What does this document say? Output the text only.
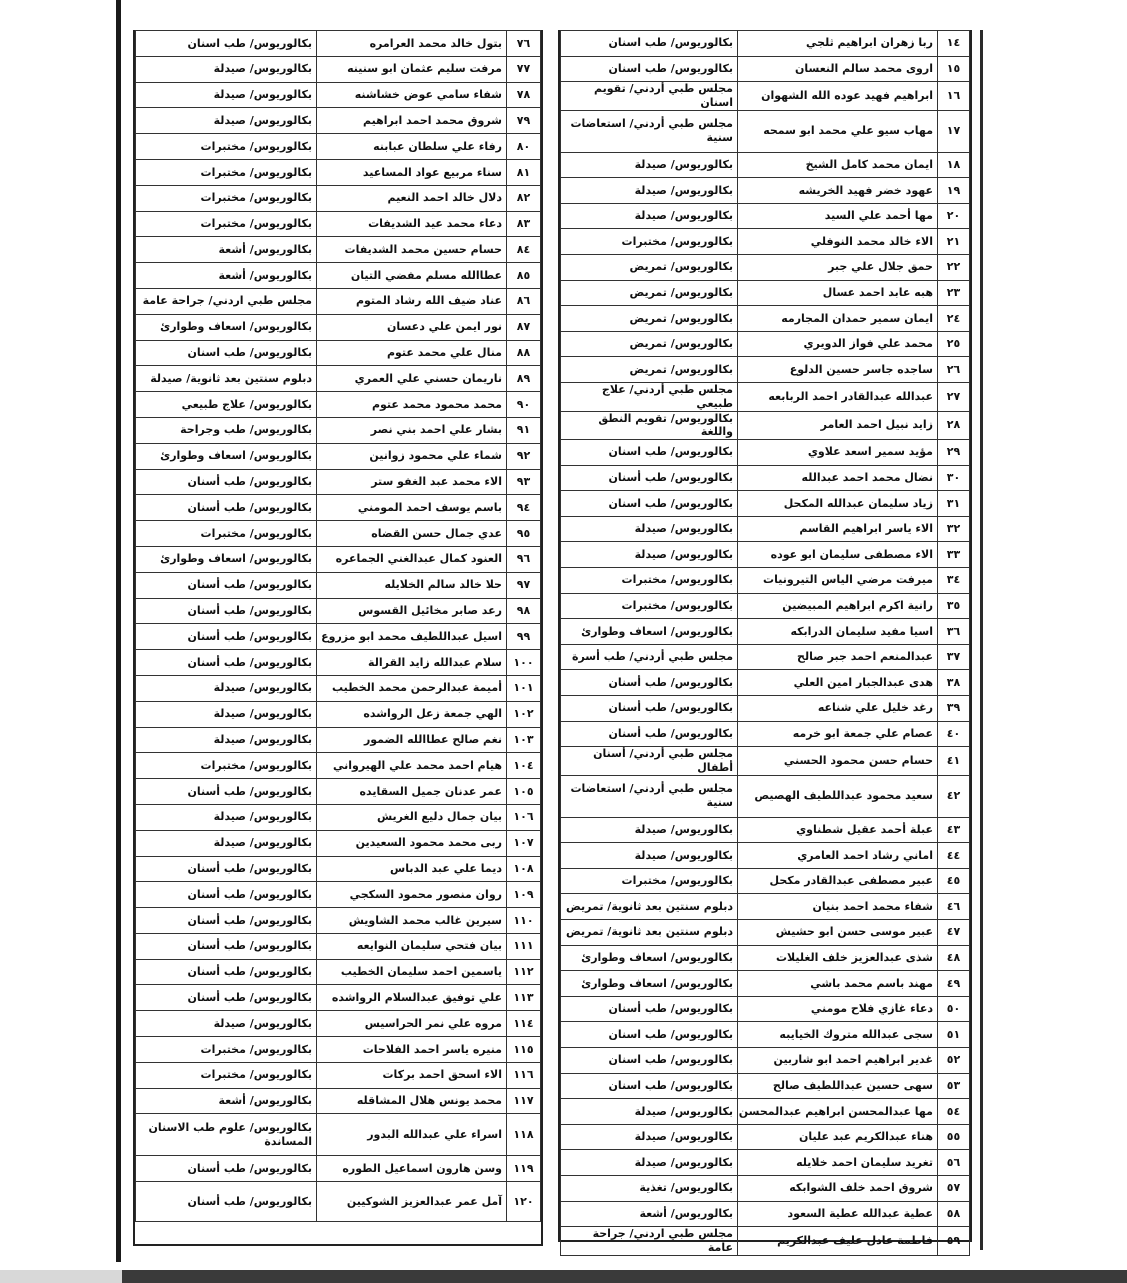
٧٦	بتول خالد محمد العرامره	بكالوريوس/ طب اسنان
٧٧	مرفت سليم عثمان ابو سنينه	بكالوريوس/ صيدلة
٧٨	شفاء سامي عوض خشاشنه	بكالوريوس/ صيدلة
٧٩	شروق محمد احمد ابراهيم	بكالوريوس/ صيدلة
٨٠	رفاء علي سلطان عبابنه	بكالوريوس/ مختبرات
٨١	سناء مربيع عواد المساعيد	بكالوريوس/ مختبرات
٨٢	دلال خالد احمد النعيم	بكالوريوس/ مختبرات
٨٣	دعاء محمد عيد الشديفات	بكالوريوس/ مختبرات
٨٤	حسام حسين محمد الشديفات	بكالوريوس/ أشعة
٨٥	عطاالله مسلم مفضي التيان	بكالوريوس/ أشعة
٨٦	عناد ضيف الله رشاد المتوم	مجلس طبي اردني/ جراحة عامة
٨٧	نور ايمن علي دعسان	بكالوريوس/ اسعاف وطوارئ
٨٨	منال علي محمد عتوم	بكالوريوس/ طب اسنان
٨٩	ناريمان حسني علي العمري	دبلوم سنتين بعد ثانوية/ صيدلة
٩٠	محمد محمود محمد عتوم	بكالوريوس/ علاج طبيعي
٩١	بشار علي احمد بني نصر	بكالوريوس/ طب وجراحة
٩٢	شماء علي محمود زوانين	بكالوريوس/ اسعاف وطوارئ
٩٣	الاء محمد عبد الغفو ستر	بكالوريوس/ طب أسنان
٩٤	باسم يوسف احمد المومني	بكالوريوس/ طب أسنان
٩٥	عدي جمال حسن القضاه	بكالوريوس/ مختبرات
٩٦	العنود كمال عبدالغني الجماعره	بكالوريوس/ اسعاف وطوارئ
٩٧	حلا خالد سالم الخلايله	بكالوريوس/ طب أسنان
٩٨	رعد صابر مخائيل القسوس	بكالوريوس/ طب أسنان
٩٩	اسيل عبداللطيف محمد ابو مزروع	بكالوريوس/ طب أسنان
١٠٠	سلام عبدالله زايد القرالة	بكالوريوس/ طب أسنان
١٠١	أميمة عبدالرحمن محمد الخطيب	بكالوريوس/ صيدلة
١٠٢	الهي جمعة زعل الرواشده	بكالوريوس/ صيدلة
١٠٣	نغم صالح عطاالله الضمور	بكالوريوس/ صيدلة
١٠٤	هيام احمد محمد علي الهيرواني	بكالوريوس/ مختبرات
١٠٥	عمر عدنان جميل السقايده	بكالوريوس/ طب أسنان
١٠٦	بيان جمال دليع الغريش	بكالوريوس/ صيدلة
١٠٧	ربى محمد محمود السعيدين	بكالوريوس/ صيدلة
١٠٨	ديما علي عبد الدباس	بكالوريوس/ طب أسنان
١٠٩	روان منصور محمود السكجي	بكالوريوس/ طب أسنان
١١٠	سيرين غالب محمد الشاويش	بكالوريوس/ طب أسنان
١١١	بيان فتحي سليمان النوايعه	بكالوريوس/ طب أسنان
١١٢	ياسمين احمد سليمان الخطيب	بكالوريوس/ طب أسنان
١١٣	علي توفيق عبدالسلام الرواشده	بكالوريوس/ طب أسنان
١١٤	مروه علي نمر الحراسيس	بكالوريوس/ صيدلة
١١٥	منيره ياسر احمد الفلاحات	بكالوريوس/ مختبرات
١١٦	الاء اسحق احمد بركات	بكالوريوس/ مختبرات
١١٧	محمد يونس هلال المشاقله	بكالوريوس/ أشعة
١١٨	اسراء علي عبدالله البدور	بكالوريوس/ علوم طب الاسنان المساندة
١١٩	وسن هارون اسماعيل الطوره	بكالوريوس/ طب أسنان
١٢٠	آمل عمر عبدالعزيز الشوكيين	بكالوريوس/ طب أسنان
١٤	ربا زهران ابراهيم ثلجي	بكالوريوس/ طب اسنان
١٥	اروى محمد سالم النعسان	بكالوريوس/ طب اسنان
١٦	ابراهيم فهيد عوده الله الشهوان	مجلس طبي أردني/ تقويم اسنان
١٧	مهاب سيو علي محمد ابو سمحه	مجلس طبي أردني/ استعاضات سنية
١٨	ايمان محمد كامل الشيخ	بكالوريوس/ صيدلة
١٩	عهود خضر فهيد الخريشه	بكالوريوس/ صيدلة
٢٠	مها أحمد علي السيد	بكالوريوس/ صيدلة
٢١	الاء خالد محمد النوفلي	بكالوريوس/ مختبرات
٢٢	حمق جلال علي جبر	بكالوريوس/ تمريض
٢٣	هبه عابد احمد عسال	بكالوريوس/ تمريض
٢٤	ايمان سمير حمدان المجارمه	بكالوريوس/ تمريض
٢٥	محمد علي فواز الدويري	بكالوريوس/ تمريض
٢٦	ساجده جاسر حسين الدلوع	بكالوريوس/ تمريض
٢٧	عبدالله عبدالقادر احمد الربابعه	مجلس طبي أردني/ علاج طبيعي
٢٨	زايد نبيل احمد العامر	بكالوريوس/ تقويم النطق واللغة
٢٩	مؤيد سمير اسعد علاوي	بكالوريوس/ طب اسنان
٣٠	نضال محمد احمد عبدالله	بكالوريوس/ طب أسنان
٣١	زياد سليمان عبدالله المكحل	بكالوريوس/ طب اسنان
٣٢	الاء ياسر ابراهيم القاسم	بكالوريوس/ صيدلة
٣٣	الاء مصطفى سليمان ابو عوده	بكالوريوس/ صيدلة
٣٤	ميرفت مرضي الياس التيرونيات	بكالوريوس/ مختبرات
٣٥	رانية اكرم ابراهيم المبيضين	بكالوريوس/ مختبرات
٣٦	اسيا مفيد سليمان الدرابكه	بكالوريوس/ اسعاف وطوارئ
٣٧	عبدالمنعم احمد جبر صالح	مجلس طبي أردني/ طب أسرة
٣٨	هدى عبدالجبار امين العلي	بكالوريوس/ طب أسنان
٣٩	رغد خليل علي شناعه	بكالوريوس/ طب أسنان
٤٠	عصام علي جمعة ابو خرمه	بكالوريوس/ طب أسنان
٤١	حسام حسن محمود الحسني	مجلس طبي أردني/ أسنان أطفال
٤٢	سعيد محمود عبداللطيف الهصيص	مجلس طبي أردني/ استعاضات سنية
٤٣	عبلة أحمد عقيل شطناوي	بكالوريوس/ صيدلة
٤٤	اماني رشاد احمد العامري	بكالوريوس/ صيدلة
٤٥	عبير مصطفى عبدالقادر مكحل	بكالوريوس/ مختبرات
٤٦	شفاء محمد احمد بنيان	دبلوم سنتين بعد ثانوية/ تمريض
٤٧	عبير موسى حسن ابو حشيش	دبلوم سنتين بعد ثانوية/ تمريض
٤٨	شذى عبدالعزيز خلف الغليلات	بكالوريوس/ اسعاف وطوارئ
٤٩	مهند باسم محمد باشي	بكالوريوس/ اسعاف وطوارئ
٥٠	دعاء غازي فلاح مومني	بكالوريوس/ طب أسنان
٥١	سجى عبدالله متروك الخيايبه	بكالوريوس/ طب اسنان
٥٢	غدير ابراهيم احمد ابو شاربين	بكالوريوس/ طب اسنان
٥٣	سهى حسين عبداللطيف صالح	بكالوريوس/ طب اسنان
٥٤	مها عبدالمحسن ابراهيم عبدالمحسن	بكالوريوس/ صيدلة
٥٥	هناء عبدالكريم عبد عليان	بكالوريوس/ صيدلة
٥٦	تغريد سليمان احمد خلايله	بكالوريوس/ صيدلة
٥٧	شروق احمد خلف الشوابكه	بكالوريوس/ تغذية
٥٨	عطية عبدالله عطية السعود	بكالوريوس/ أشعة
٥٩	فاطمة عادل عليف عبدالكريم	مجلس طبي اردني/ جراحة عامة
